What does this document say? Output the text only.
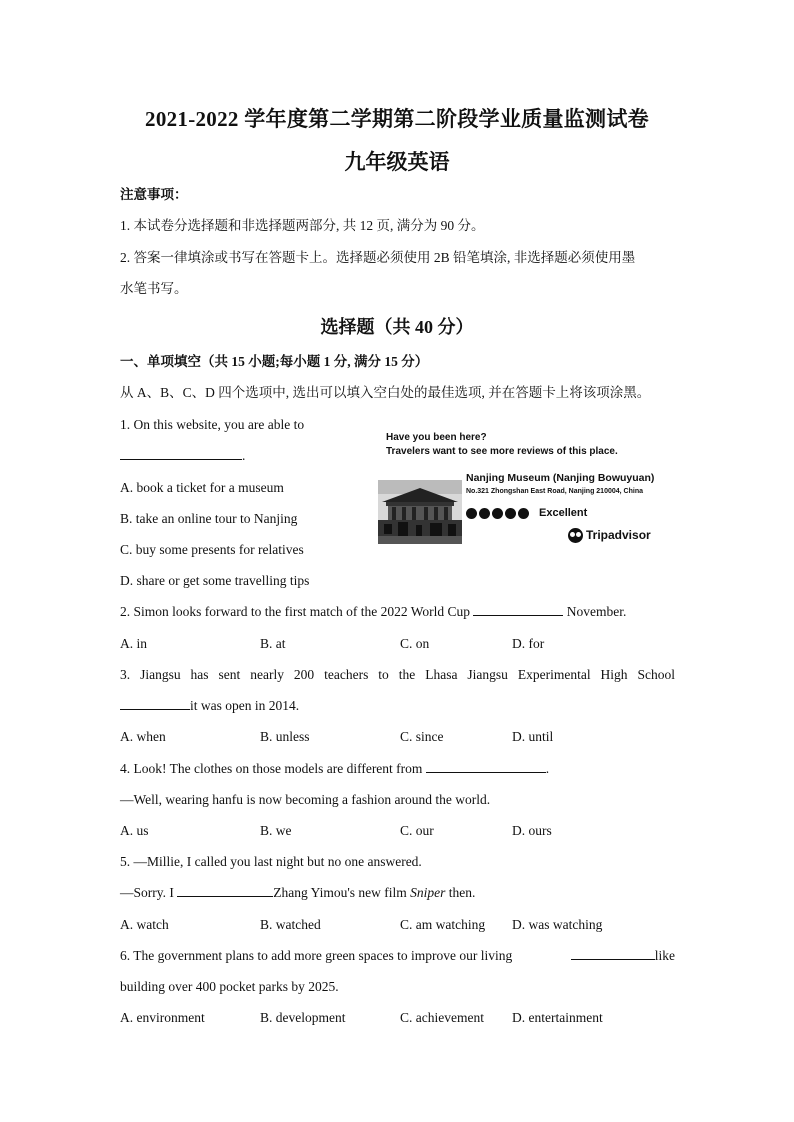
2021-2022 学年度第二学期第二阶段学业质量监测试卷
九年级英语
注意事项：
1. 本试卷分选择题和非选择题两部分, 共 12 页, 满分为 90 分。
2. 答案一律填涂或书写在答题卡上。选择题必须使用 2B 铅笔填涂, 非选择题必须使用墨
水笔书写。
选择题（共 40 分）
一、单项填空（共 15 小题;每小题 1 分, 满分 15 分）
从 A、B、C、D 四个选项中, 选出可以填入空白处的最佳选项, 并在答题卡上将该项涂黑。
1. On this website, you are able to
.
A. book a ticket for a museum
B. take an online tour to Nanjing
C. buy some presents for relatives
D. share or get some travelling tips
Have you been here?
Travelers want to see more reviews of this place.
Nanjing Museum (Nanjing Bowuyuan)
No.321 Zhongshan East Road, Nanjing 210004, China
Excellent
Tripadvisor
2. Simon looks forward to the first match of the 2022 World Cup	November.
A. in	B. at	C. on	D. for
3. Jiangsu has sent nearly 200 teachers to the Lhasa Jiangsu Experimental High School
it was open in 2014.
A. when	B. unless	C. since	D. until
4. Look! The clothes on those models are different from	.
—Well, wearing hanfu is now becoming a fashion around the world.
A. us	B. we	C. our	D. ours
5. —Millie, I called you last night but no one answered.
—Sorry. I	Zhang Yimou's new film Sniper then.
A. watch	B. watched	C. am watching D. was watching
6. The government plans to add more green spaces to improve our living	like
building over 400 pocket parks by 2025.
A. environment	B. development	C. achievement D. entertainment
